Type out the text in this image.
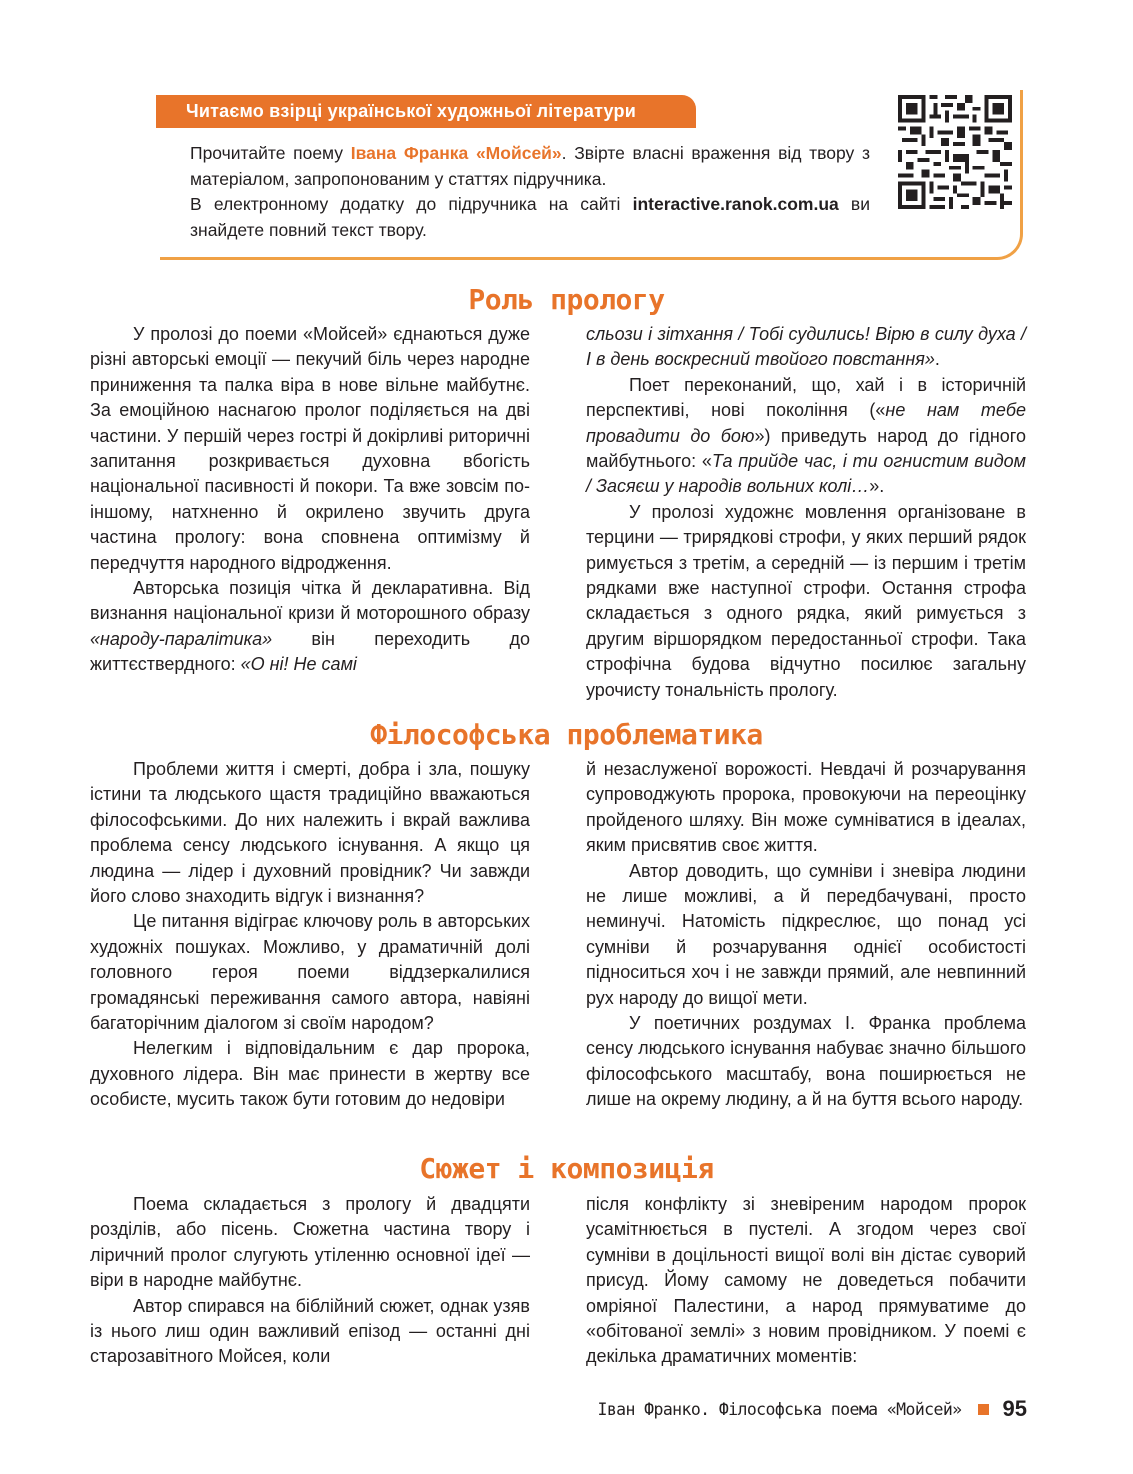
Читаємо взірці української художньої літератури
Прочитайте поему Івана Франка «Мойсей». Звірте власні враження від твору з матеріалом, запропонованим у статтях підручника.
В електронному додатку до підручника на сайті interactive.ranok.com.ua ви знайдете повний текст твору.
Роль прологу

У пролозі до поеми «Мойсей» єднаються дуже різні авторські емоції — пекучий біль через народне приниження та палка віра в нове вільне майбутнє. За емоційною наснагою пролог поділяється на дві частини. У першій через гострі й докірливі риторичні запитання розкривається духовна вбогість національної пасивності й покори. Та вже зовсім по-іншому, натхненно й окрилено звучить друга частина прологу: вона сповнена оптимізму й передчуття народного відродження.

Авторська позиція чітка й декларативна. Від визнання національної кризи й моторошного образу «народу-паралітика» він переходить до життєствердного: «О ні! Не самі

сльози і зітхання / Тобі судились! Вірю в силу духа / І в день воскресний твойого повстання».

Поет переконаний, що, хай і в історичній перспективі, нові покоління («не нам тебе провадити до бою») приведуть народ до гідного майбутнього: «Та прийде час, і ти огнистим видом / Засяєш у народів вольних колі…».

У пролозі художнє мовлення організоване в терцини — трирядкові строфи, у яких перший рядок римується з третім, а середній — із першим і третім рядками вже наступної строфи. Остання строфа складається з одного рядка, який римується з другим віршорядком передостанньої строфи. Така строфічна будова відчутно посилює загальну урочисту тональність прологу.

Філософська проблематика

Проблеми життя і смерті, добра і зла, пошуку істини та людського щастя традиційно вважаються філософськими. До них належить і вкрай важлива проблема сенсу людського існування. А якщо ця людина — лідер і духовний провідник? Чи завжди його слово знаходить відгук і визнання?

Це питання відіграє ключову роль в авторських художніх пошуках. Можливо, у драматичній долі головного героя поеми віддзеркалилися громадянські переживання самого автора, навіяні багаторічним діалогом зі своїм народом?

Нелегким і відповідальним є дар пророка, духовного лідера. Він має принести в жертву все особисте, мусить також бути готовим до недовіри

й незаслуженої ворожості. Невдачі й розчарування супроводжують пророка, провокуючи на переоцінку пройденого шляху. Він може сумніватися в ідеалах, яким присвятив своє життя.

Автор доводить, що сумніви і зневіра людини не лише можливі, а й передбачувані, просто неминучі. Натомість підкреслює, що понад усі сумніви й розчарування однієї особистості підноситься хоч і не завжди прямий, але невпинний рух народу до вищої мети.

У поетичних роздумах І. Франка проблема сенсу людського існування набуває значно більшого філософського масштабу, вона поширюється не лише на окрему людину, а й на буття всього народу.

Сюжет і композиція

Поема складається з прологу й двадцяти розділів, або пісень. Сюжетна частина твору і ліричний пролог слугують утіленню основної ідеї — віри в народне майбутнє.

Автор спирався на біблійний сюжет, однак узяв із нього лиш один важливий епізод — останні дні старозавітного Мойсея, коли

після конфлікту зі зневіреним народом пророк усамітнюється в пустелі. А згодом через свої сумніви в доцільності вищої волі він дістає суворий присуд. Йому самому не доведеться побачити омріяної Палестини, а народ прямуватиме до «обітованої землі» з новим провідником. У поемі є декілька драматичних моментів:

Іван Франко. Філософська поема «Мойсей» 95
